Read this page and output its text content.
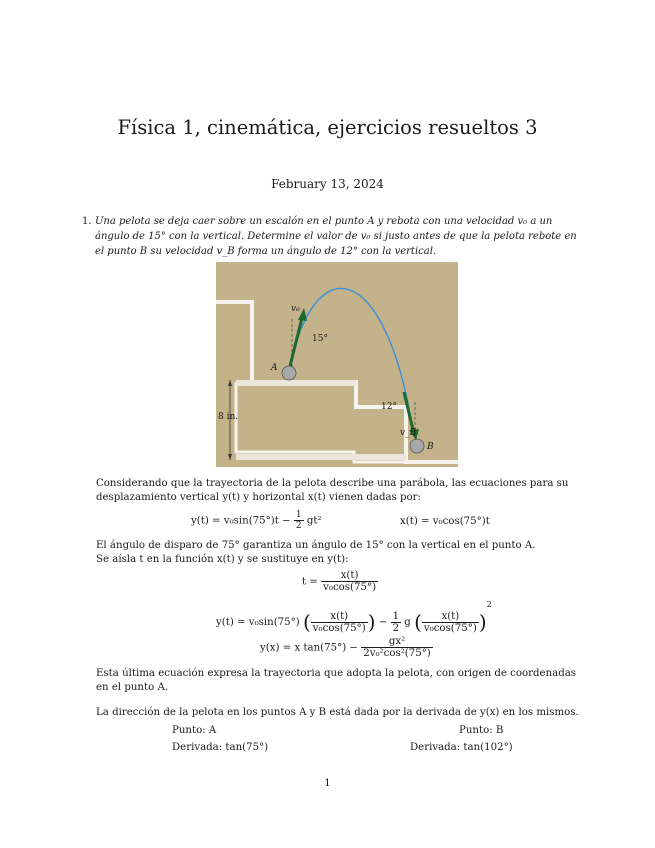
Física 1, cinemática, ejercicios resueltos 3
February 13, 2024
1. Una pelota se deja caer sobre un escalón en el punto A y rebota con una velocidad v₀ a un ángulo de 15° con la vertical. Determine el valor de v₀ si justo antes de que la pelota rebote en el punto B su velocidad v_B forma un ángulo de 12° con la vertical.
v₀
15°
A
8 in.
12°
v_B
B
Considerando que la trayectoria de la pelota describe una parábola, las ecuaciones para su desplazamiento vertical y(t) y horizontal x(t) vienen dadas por:
$y(t) = v_0\sin(75^\circ)t - \frac{1}{2} gt^2$	x(t) = v₀cos(75°)t
El ángulo de disparo de 75° garantiza un ángulo de 15° con la vertical en el punto A.
Se aísla t en la función x(t) y se sustituye en y(t):
$t = \frac{x(t)}{\text{v₀cos(75°)}}$
y(t) = v₀sin(75°) ( $\frac{x(t)}{\text{v₀cos(75°)}}$ ) − $\frac{1}{2}$ g ( $\frac{x(t)}{\text{v₀cos(75°)}} )^2$
y(x) = x $\tan(75^\circ) - \frac{\text{gx²}}{\text{2v₀²cos²(75°)}}$
Esta última ecuación expresa la trayectoria que adopta la pelota, con origen de coordenadas en el punto A.
La dirección de la pelota en los puntos A y B está dada por la derivada de y(x) en los mismos.
Punto: A
Derivada: tan(75°)
Punto: B
Derivada: tan(102°)
1
